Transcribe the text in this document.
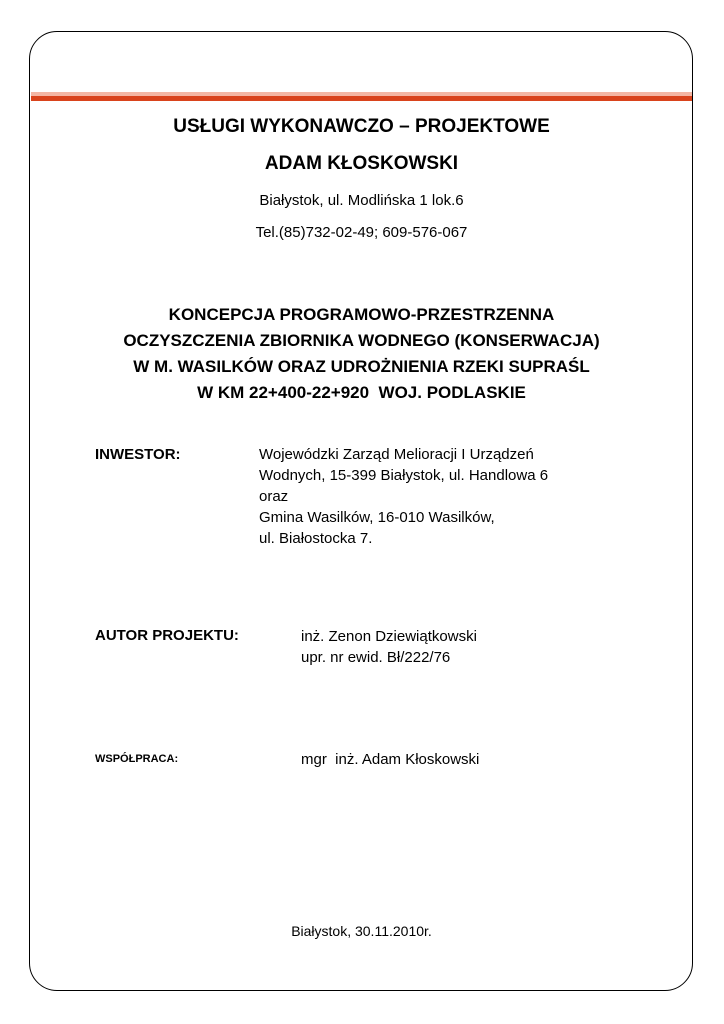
USŁUGI WYKONAWCZO – PROJEKTOWE
ADAM KŁOSKOWSKI
Białystok, ul. Modlińska 1 lok.6
Tel.(85)732-02-49; 609-576-067
KONCEPCJA PROGRAMOWO-PRZESTRZENNA
OCZYSZCZENIA ZBIORNIKA WODNEGO (KONSERWACJA)
W M. WASILKÓW ORAZ UDROŻNIENIA RZEKI SUPRAŚL
W KM 22+400-22+920  WOJ. PODLASKIE
INWESTOR:	Wojewódzki Zarząd Melioracji I Urządzeń
Wodnych, 15-399 Białystok, ul. Handlowa 6
oraz
Gmina Wasilków, 16-010 Wasilków,
ul. Białostocka 7.
AUTOR PROJEKTU:	inż. Zenon Dziewiątkowski
upr. nr ewid. Bł/222/76
WSPÓŁPRACA:	mgr  inż. Adam Kłoskowski
Białystok, 30.11.2010r.
